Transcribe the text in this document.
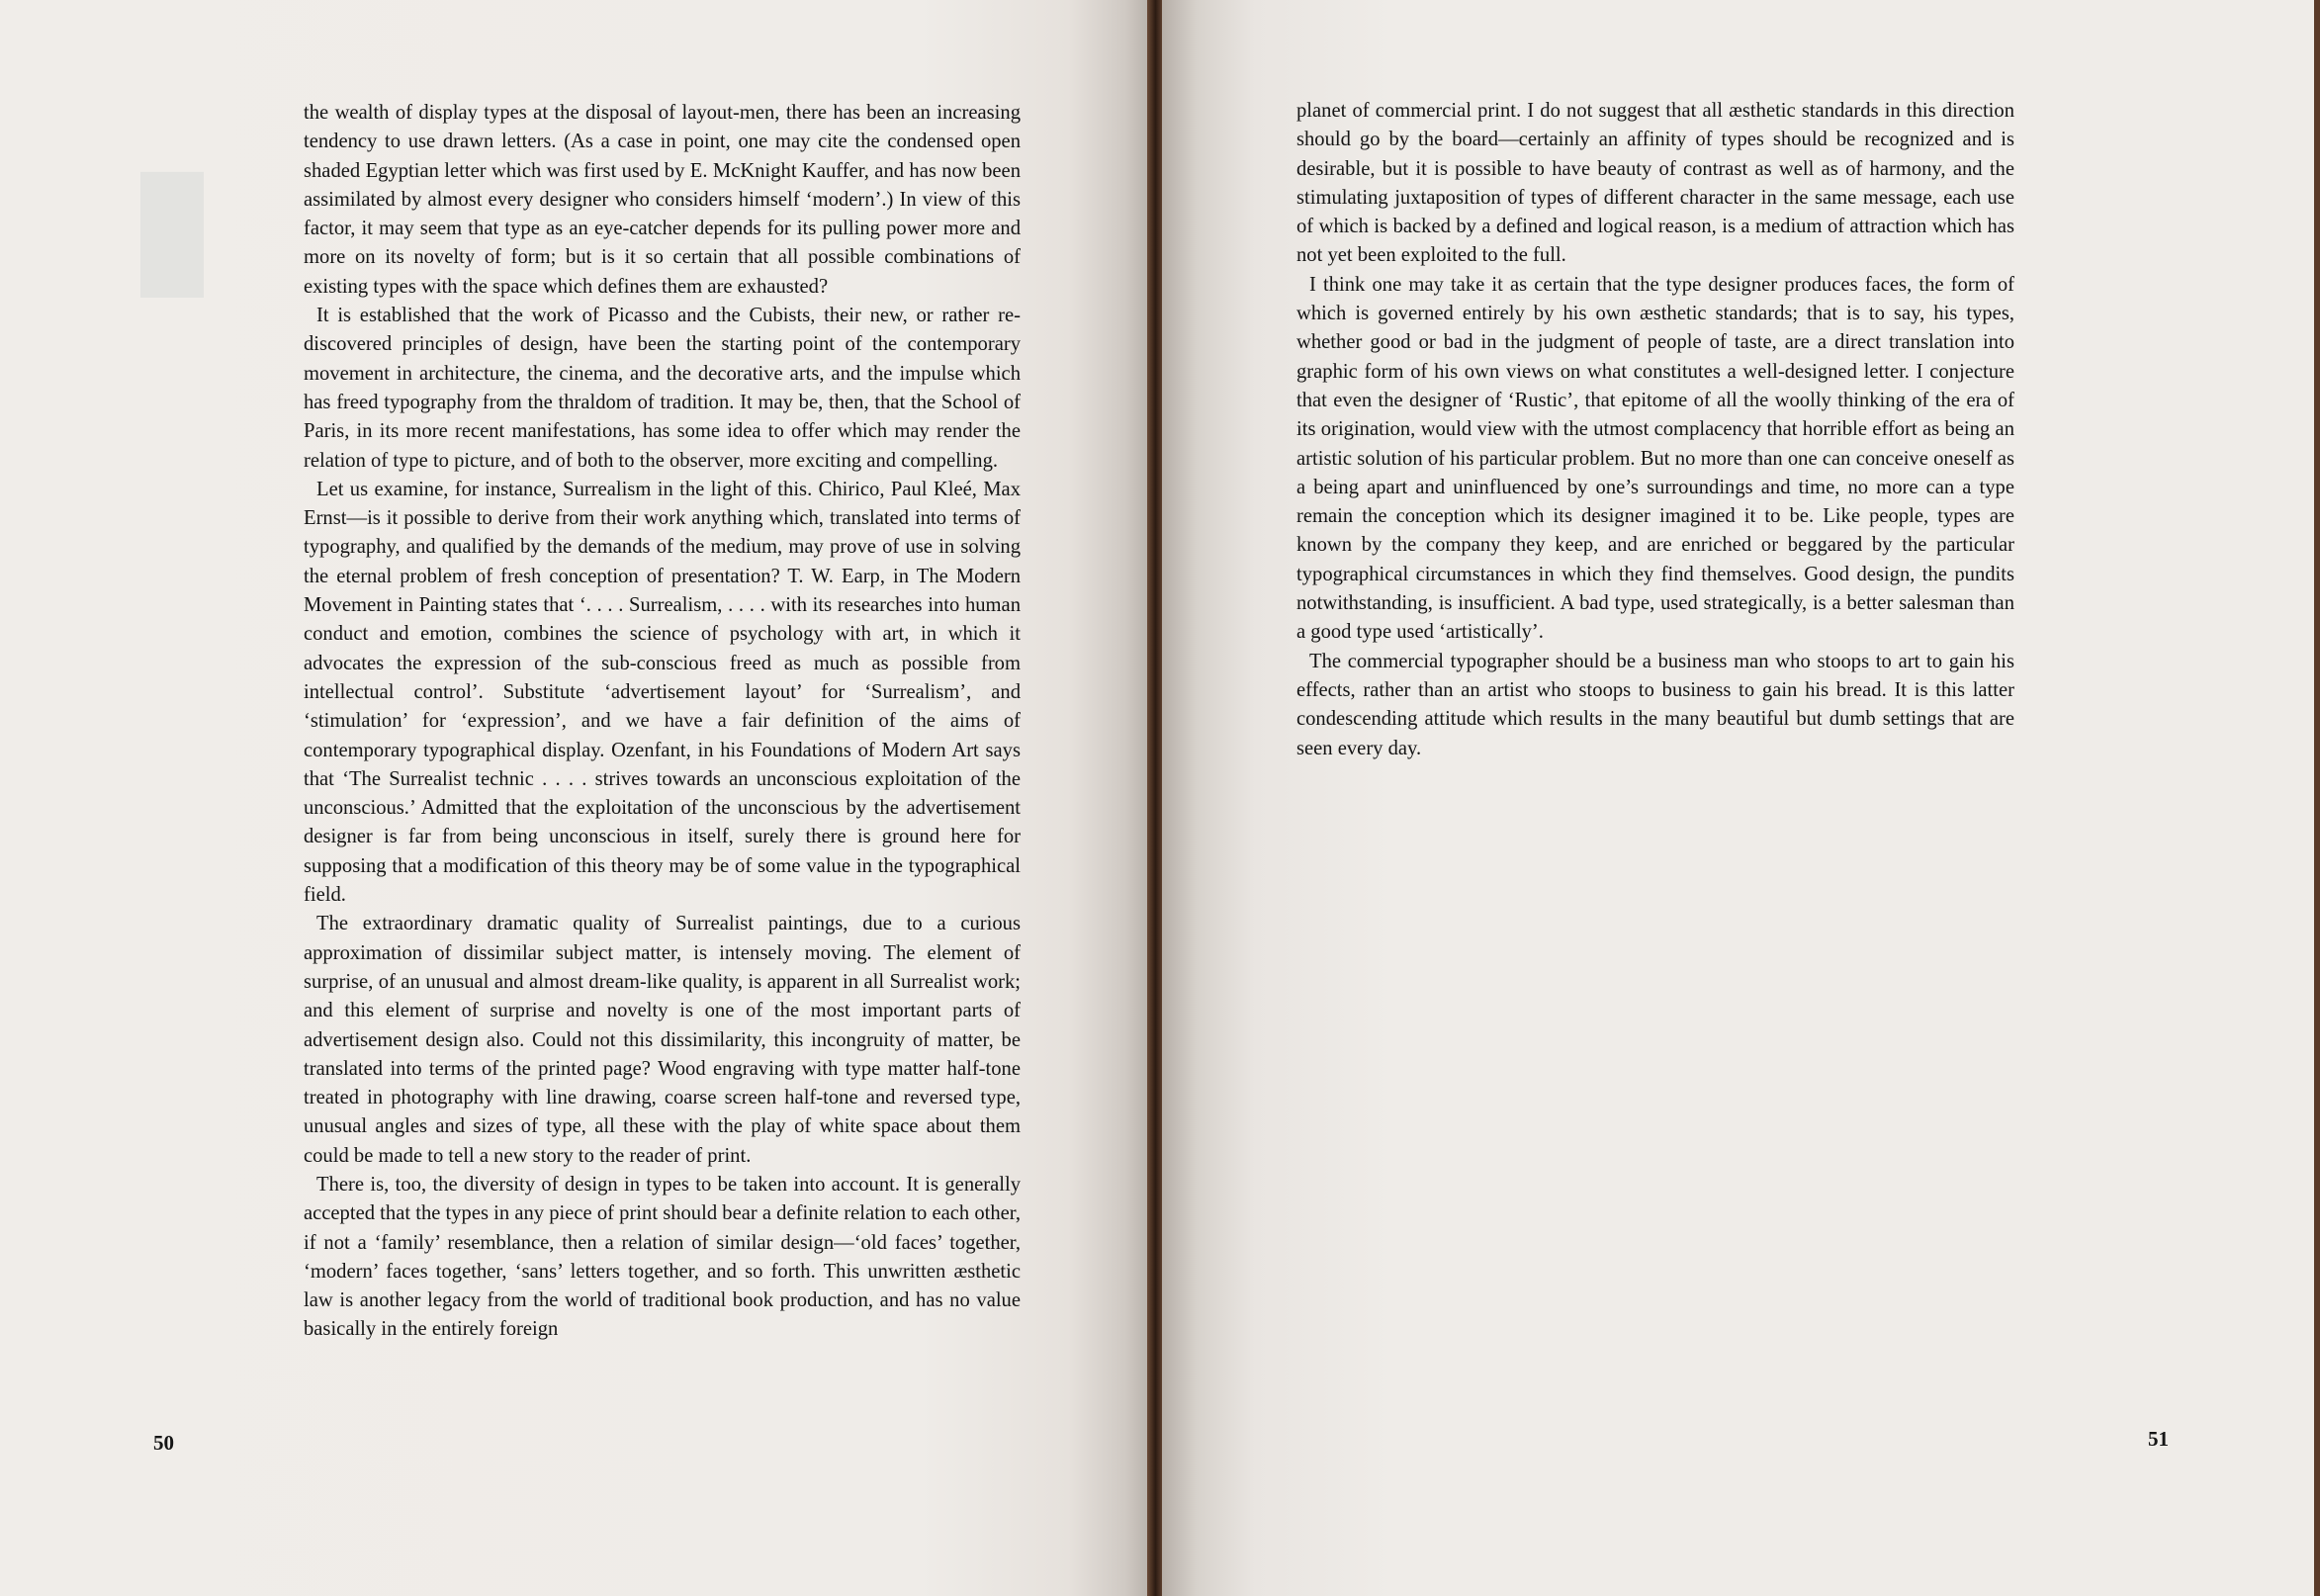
▮

the wealth of display types at the disposal of layout-men, there has been an increasing tendency to use drawn letters. (As a case in point, one may cite the condensed open shaded Egyptian letter which was first used by E. McKnight Kauffer, and has now been assimilated by almost every designer who considers himself ‘modern’.) In view of this factor, it may seem that type as an eye-catcher depends for its pulling power more and more on its novelty of form; but is it so certain that all possible combinations of existing types with the space which defines them are exhausted?

It is established that the work of Picasso and the Cubists, their new, or rather re-discovered principles of design, have been the starting point of the contemporary movement in architecture, the cinema, and the decorative arts, and the impulse which has freed typography from the thraldom of tradition. It may be, then, that the School of Paris, in its more recent manifestations, has some idea to offer which may render the relation of type to picture, and of both to the observer, more exciting and compelling.

Let us examine, for instance, Surrealism in the light of this. Chirico, Paul Kleé, Max Ernst—is it possible to derive from their work anything which, translated into terms of typography, and qualified by the demands of the medium, may prove of use in solving the eternal problem of fresh conception of presentation? T. W. Earp, in The Modern Movement in Painting states that ‘. . . . Surrealism, . . . . with its researches into human conduct and emotion, combines the science of psychology with art, in which it advocates the expression of the sub-conscious freed as much as possible from intellectual control’. Substitute ‘advertisement layout’ for ‘Surrealism’, and ‘stimulation’ for ‘expression’, and we have a fair definition of the aims of contemporary typographical display. Ozenfant, in his Foundations of Modern Art says that ‘The Surrealist technic . . . . strives towards an unconscious exploitation of the unconscious.’ Admitted that the exploitation of the unconscious by the advertisement designer is far from being unconscious in itself, surely there is ground here for supposing that a modification of this theory may be of some value in the typographical field.

The extraordinary dramatic quality of Surrealist paintings, due to a curious approximation of dissimilar subject matter, is intensely moving. The element of surprise, of an unusual and almost dream-like quality, is apparent in all Surrealist work; and this element of surprise and novelty is one of the most important parts of advertisement design also. Could not this dissimilarity, this incongruity of matter, be translated into terms of the printed page? Wood engraving with type matter half-tone treated in photography with line drawing, coarse screen half-tone and reversed type, unusual angles and sizes of type, all these with the play of white space about them could be made to tell a new story to the reader of print.

There is, too, the diversity of design in types to be taken into account. It is generally accepted that the types in any piece of print should bear a definite relation to each other, if not a ‘family’ resemblance, then a relation of similar design—‘old faces’ together, ‘modern’ faces together, ‘sans’ letters together, and so forth. This unwritten æsthetic law is another legacy from the world of traditional book production, and has no value basically in the entirely foreign

50

planet of commercial print. I do not suggest that all æsthetic standards in this direction should go by the board—certainly an affinity of types should be recognized and is desirable, but it is possible to have beauty of contrast as well as of harmony, and the stimulating juxtaposition of types of different character in the same message, each use of which is backed by a defined and logical reason, is a medium of attraction which has not yet been exploited to the full.

I think one may take it as certain that the type designer produces faces, the form of which is governed entirely by his own æsthetic standards; that is to say, his types, whether good or bad in the judgment of people of taste, are a direct translation into graphic form of his own views on what constitutes a well-designed letter. I conjecture that even the designer of ‘Rustic’, that epitome of all the woolly thinking of the era of its origination, would view with the utmost complacency that horrible effort as being an artistic solution of his particular problem. But no more than one can conceive oneself as a being apart and uninfluenced by one’s surroundings and time, no more can a type remain the conception which its designer imagined it to be. Like people, types are known by the company they keep, and are enriched or beggared by the particular typographical circumstances in which they find themselves. Good design, the pundits notwithstanding, is insufficient. A bad type, used strategically, is a better salesman than a good type used ‘artistically’.

The commercial typographer should be a business man who stoops to art to gain his effects, rather than an artist who stoops to business to gain his bread. It is this latter condescending attitude which results in the many beautiful but dumb settings that are seen every day.

51
